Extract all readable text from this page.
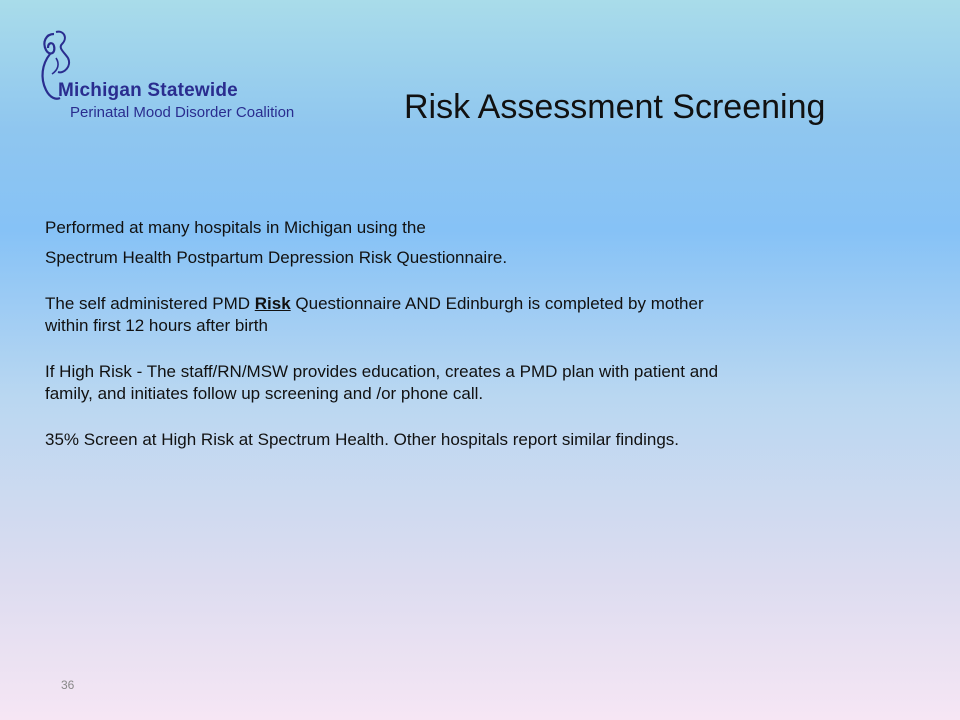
Michigan Statewide
Perinatal Mood Disorder Coalition	Risk Assessment Screening

Performed at many hospitals in Michigan using the

Spectrum Health Postpartum Depression Risk Questionnaire.

The self administered PMD Risk Questionnaire AND Edinburgh is completed by mother

within first 12 hours after birth

If High Risk - The staff/RN/MSW provides education, creates a PMD plan with patient and

family, and initiates follow up screening and /or phone call.

35% Screen at High Risk at Spectrum Health. Other hospitals report similar findings.

36
